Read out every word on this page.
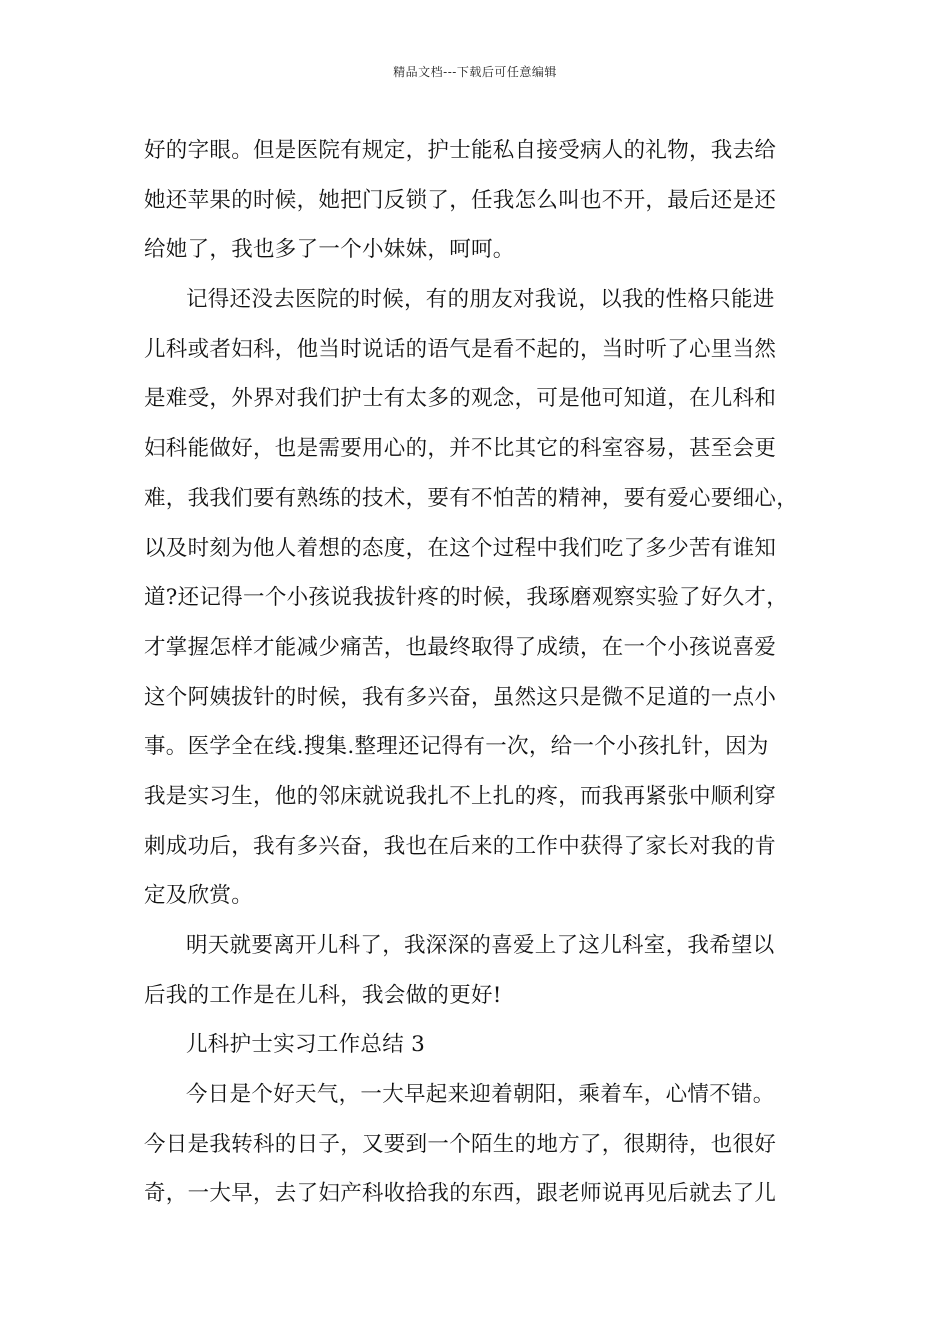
精品文档---下载后可任意编辑
好的字眼。但是医院有规定，护士能私自接受病人的礼物，我去给
她还苹果的时候，她把门反锁了，任我怎么叫也不开，最后还是还
给她了，我也多了一个小妹妹，呵呵。
记得还没去医院的时候，有的朋友对我说，以我的性格只能进
儿科或者妇科，他当时说话的语气是看不起的，当时听了心里当然
是难受，外界对我们护士有太多的观念，可是他可知道，在儿科和
妇科能做好，也是需要用心的，并不比其它的科室容易，甚至会更
难，我我们要有熟练的技术，要有不怕苦的精神，要有爱心要细心，
以及时刻为他人着想的态度，在这个过程中我们吃了多少苦有谁知
道?还记得一个小孩说我拔针疼的时候，我琢磨观察实验了好久才，
才掌握怎样才能减少痛苦，也最终取得了成绩，在一个小孩说喜爱
这个阿姨拔针的时候，我有多兴奋，虽然这只是微不足道的一点小
事。医学全在线.搜集.整理还记得有一次，给一个小孩扎针，因为
我是实习生，他的邻床就说我扎不上扎的疼，而我再紧张中顺利穿
刺成功后，我有多兴奋，我也在后来的工作中获得了家长对我的肯
定及欣赏。
明天就要离开儿科了，我深深的喜爱上了这儿科室，我希望以
后我的工作是在儿科，我会做的更好!
儿科护士实习工作总结 3
今日是个好天气，一大早起来迎着朝阳，乘着车，心情不错。
今日是我转科的日子，又要到一个陌生的地方了，很期待，也很好
奇，一大早，去了妇产科收拾我的东西，跟老师说再见后就去了儿
